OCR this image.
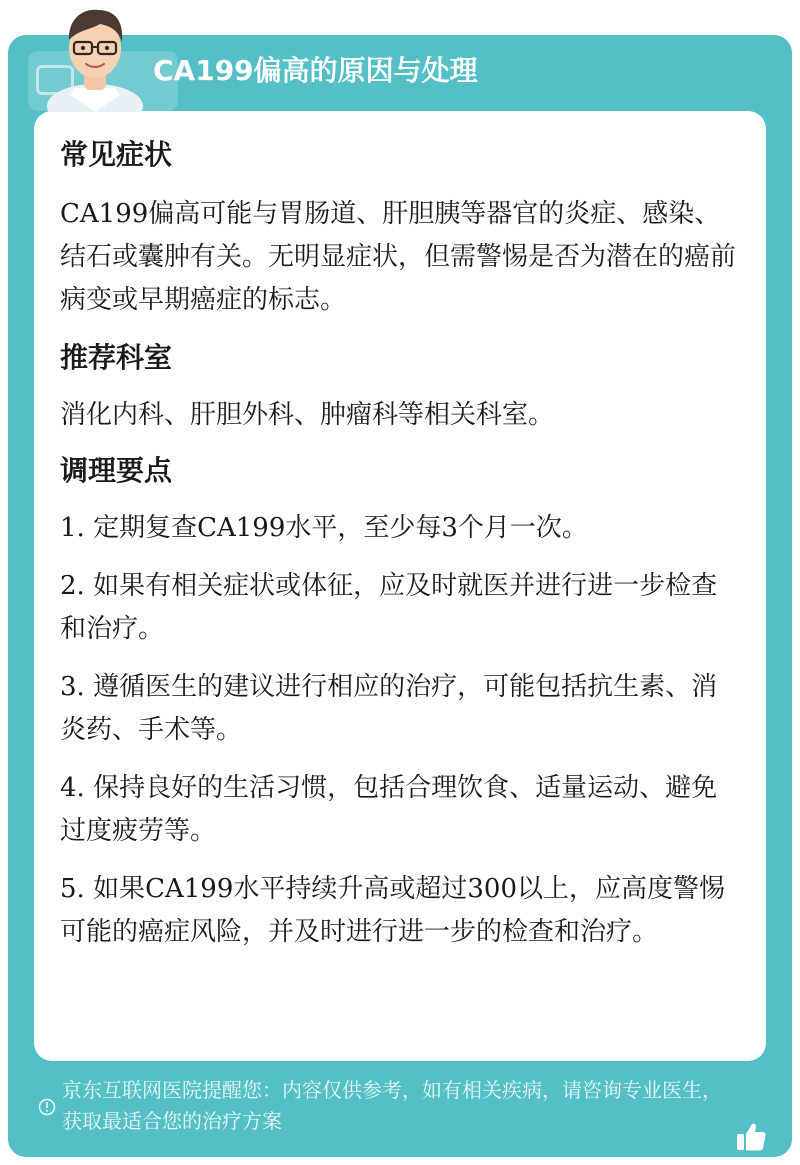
CA199偏高的原因与处理
常见症状

CA199偏高可能与胃肠道、肝胆胰等器官的炎症、感染、结石或囊肿有关。无明显症状，但需警惕是否为潜在的癌前病变或早期癌症的标志。

推荐科室

消化内科、肝胆外科、肿瘤科等相关科室。

调理要点

1. 定期复查CA199水平，至少每3个月一次。

2. 如果有相关症状或体征，应及时就医并进行进一步检查和治疗。

3. 遵循医生的建议进行相应的治疗，可能包括抗生素、消炎药、手术等。

4. 保持良好的生活习惯，包括合理饮食、适量运动、避免过度疲劳等。

5. 如果CA199水平持续升高或超过300以上，应高度警惕可能的癌症风险，并及时进行进一步的检查和治疗。

京东互联网医院提醒您：内容仅供参考，如有相关疾病，请咨询专业医生，获取最适合您的治疗方案
